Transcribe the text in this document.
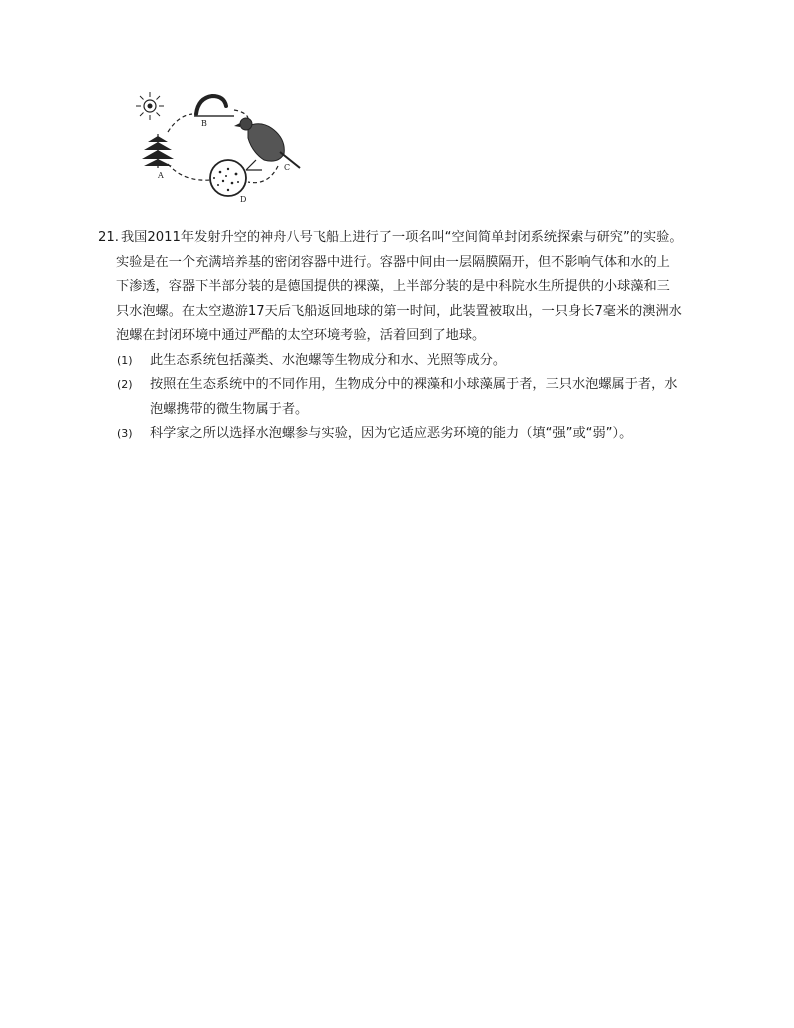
A
B
C
D
21. 我国2011年发射升空的神舟八号飞船上进行了一项名叫“空间简单封闭系统探索与研究”的实验。
实验是在一个充满培养基的密闭容器中进行。容器中间由一层隔膜隔开，但不影响气体和水的上
下渗透，容器下半部分装的是德国提供的裸藻，上半部分装的是中科院水生所提供的小球藻和三
只水泡螺。在太空遨游17天后飞船返回地球的第一时间，此装置被取出，一只身长7毫米的澳洲水
泡螺在封闭环境中通过严酷的太空环境考验，活着回到了地球。
(1) 此生态系统包括藻类、水泡螺等生物成分和水、光照等成分。
(2) 按照在生态系统中的不同作用，生物成分中的裸藻和小球藻属于者，三只水泡螺属于者，水
泡螺携带的微生物属于者。
(3) 科学家之所以选择水泡螺参与实验，因为它适应恶劣环境的能力（填“强”或“弱”）。
